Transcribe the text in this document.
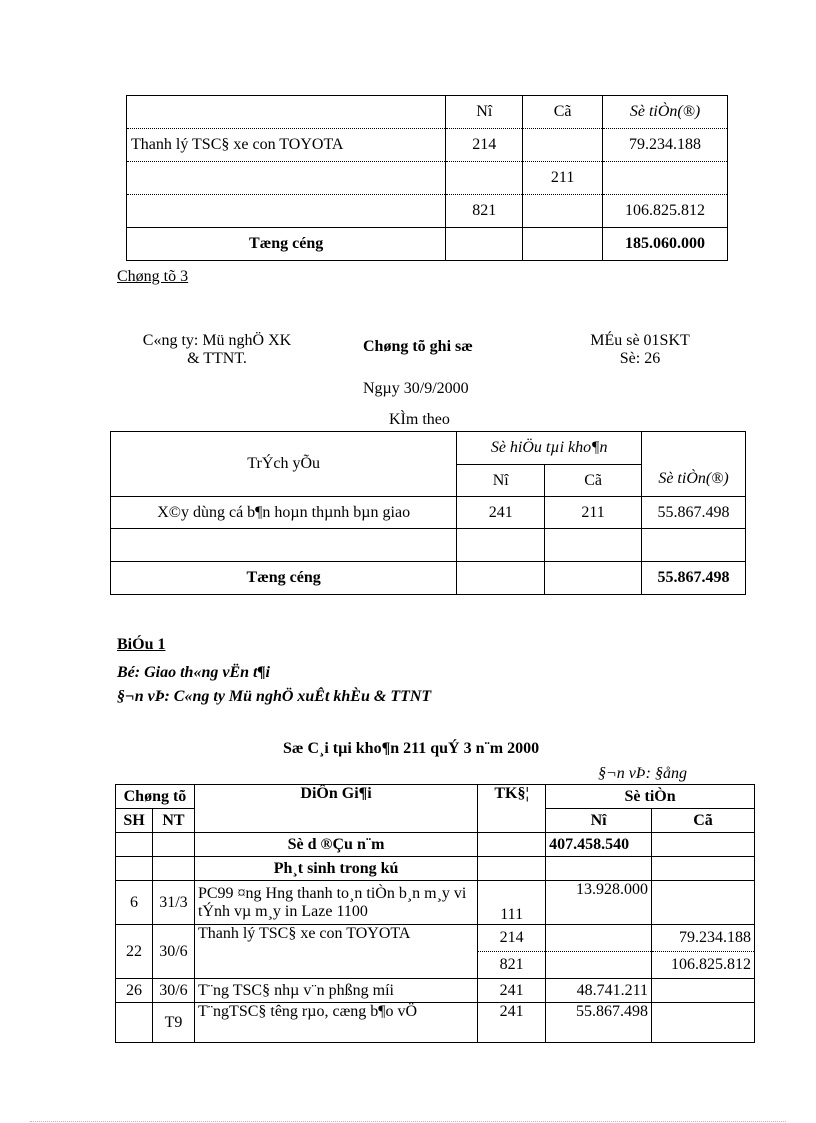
	Nî	Cã	Sè tiÒn(®)
Thanh lý TSC§ xe con TOYOTA	214		79.234.188
		211	
	821		106.825.812
Tæng céng			185.060.000
Chøng tõ 3
C«ng ty: Mü nghÖ XK
& TTNT.
Chøng tõ ghi sæ	MÉu sè 01SKT
Sè: 26
Ngµy 30/9/2000
KÌm theo
TrÝch yÕu	Sè hiÖu tµi kho¶n		Sè tiÒn(®)
	Nî	Cã	
X©y dùng cá b¶n hoµn thµnh bµn giao	241	211	55.867.498

Tæng céng			55.867.498
BiÓu 1
Bé: Giao th«ng vËn t¶i
§¬n vÞ: C«ng ty Mü nghÖ xuÊt khÈu & TTNT
Sæ C¸i tµi kho¶n 211 quÝ 3 n¨m 2000
§¬n vÞ: §ång
Chøng tõ		DiÔn Gi¶i	TK§¦	Sè tiÒn	
SH	NT			Nî	Cã
		Sè d ®Çu n¨m		407.458.540	
		Ph¸t sinh trong kú			
6	31/3	PC99 ¤ng Hng thanh to¸n tiÒn b¸n m¸y vi tÝnh vµ m¸y in Laze 1100	111	13.928.000	
22	30/6	Thanh lý TSC§ xe con TOYOTA	214		79.234.188
			821		106.825.812
26	30/6	T¨ng TSC§ nhµ v¨n phßng míi	241	48.741.211	
	T9	T¨ngTSC§ têng rµo, cæng b¶o vÖ	241	55.867.498	
